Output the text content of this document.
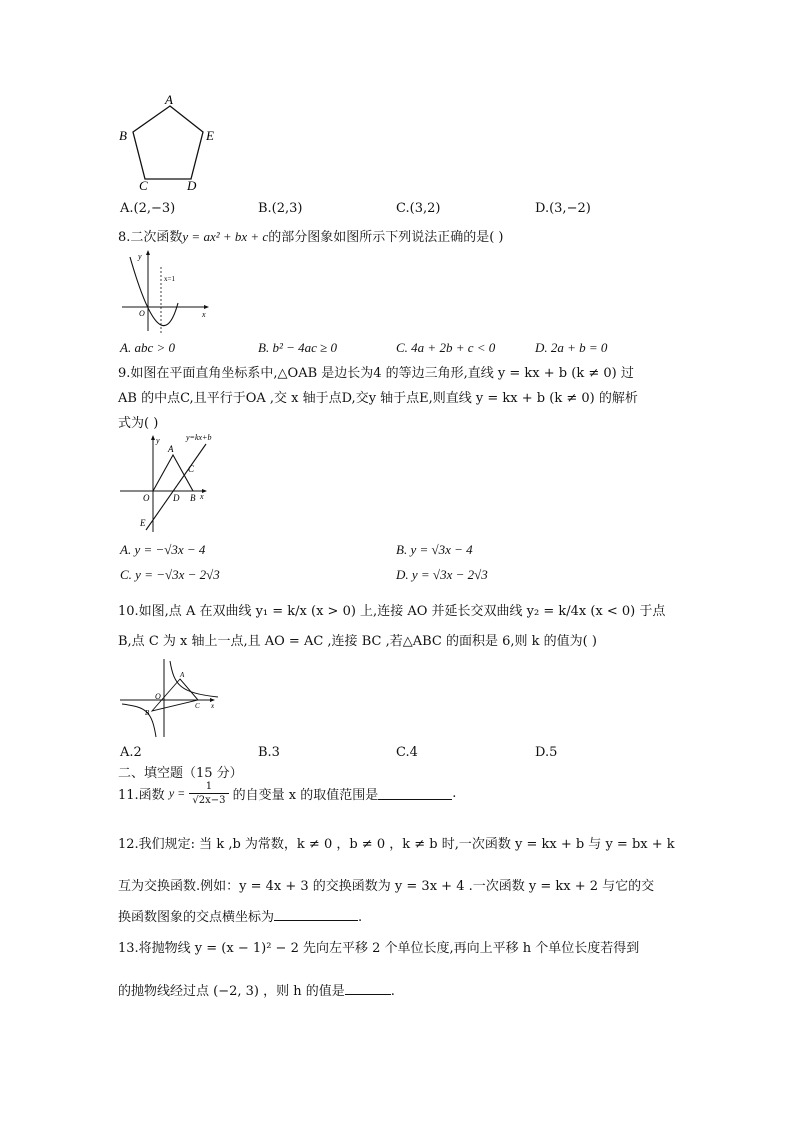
A
B	E
C	D
A.(2,−3)	B.(2,3)	C.(3,2)	D.(3,−2)
8.二次函数y = ax² + bx + c的部分图象如图所示下列说法正确的是( )
y
x
O
x=1
A. abc > 0	B. b² − 4ac ≥ 0	C. 4a + 2b + c < 0	D. 2a + b = 0
9.如图在平面直角坐标系中,△OAB 是边长为4 的等边三角形,直线 y = kx + b (k ≠ 0) 过
AB 的中点C,且平行于OA ,交 x 轴于点D,交y 轴于点E,则直线 y = kx + b (k ≠ 0) 的解析
式为( )
y
x
y=kx+b
A
C
O	D B
E
A. y = −√3x − 4	B. y = √3x − 4
C. y = −√3x − 2√3	D. y = √3x − 2√3
10.如图,点 A 在双曲线 y₁ = k/x (x > 0) 上,连接 AO 并延长交双曲线 y₂ = k/4x (x < 0) 于点
B,点 C 为 x 轴上一点,且 AO = AC ,连接 BC ,若△ABC 的面积是 6,则 k 的值为( )
A
O
B
C x
A.2	B.3	C.4	D.5
二、填空题（15 分）
11.函数 $y = \frac{1}{√2x-3}$ 的自变量 x 的取值范围是	.
12.我们规定: 当 k ,b 为常数，k ≠ 0 ，b ≠ 0 ，k ≠ b 时,一次函数 y = kx + b 与 y = bx + k
互为交换函数.例如：y = 4x + 3 的交换函数为 y = 3x + 4 .一次函数 y = kx + 2 与它的交
换函数图象的交点横坐标为	.
13.将抛物线 y = (x − 1)² − 2 先向左平移 2 个单位长度,再向上平移 h 个单位长度若得到
的抛物线经过点 (−2, 3) ，则 h 的值是	.
